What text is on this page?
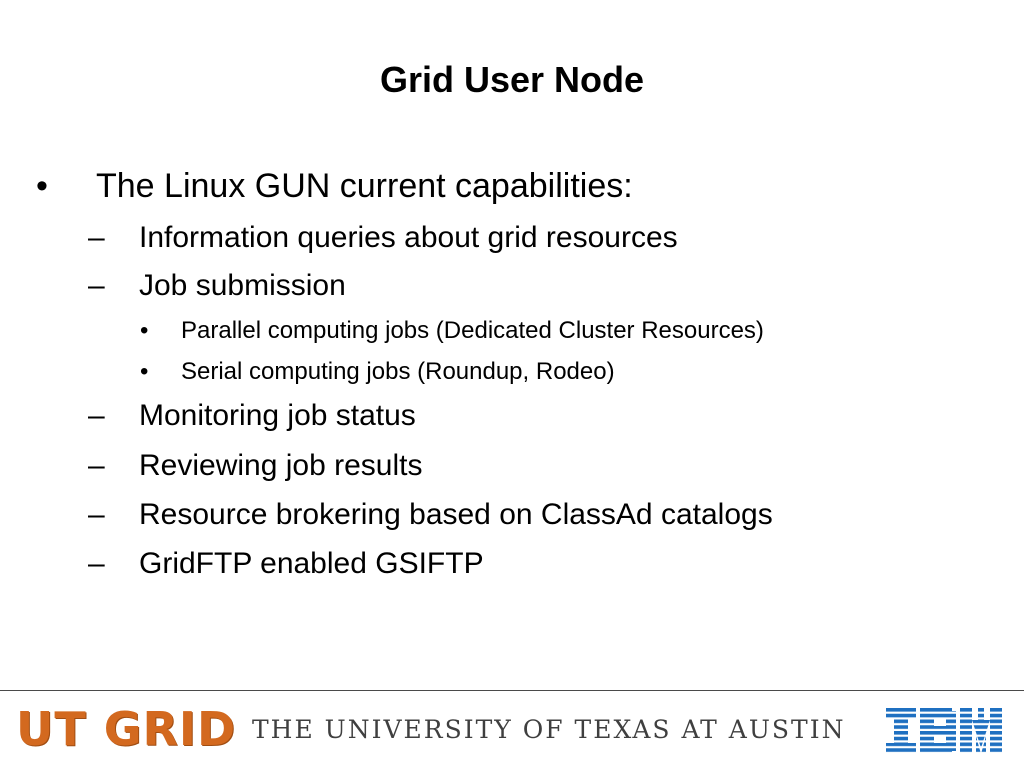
Grid User Node
• The Linux GUN current capabilities:
– Information queries about grid resources
– Job submission
• Parallel computing jobs (Dedicated Cluster Resources)
• Serial computing jobs (Roundup, Rodeo)
– Monitoring job status
– Reviewing job results
– Resource brokering based on ClassAd catalogs
– GridFTP enabled GSIFTP
UT GRID THE UNIVERSITY OF TEXAS AT AUSTIN
